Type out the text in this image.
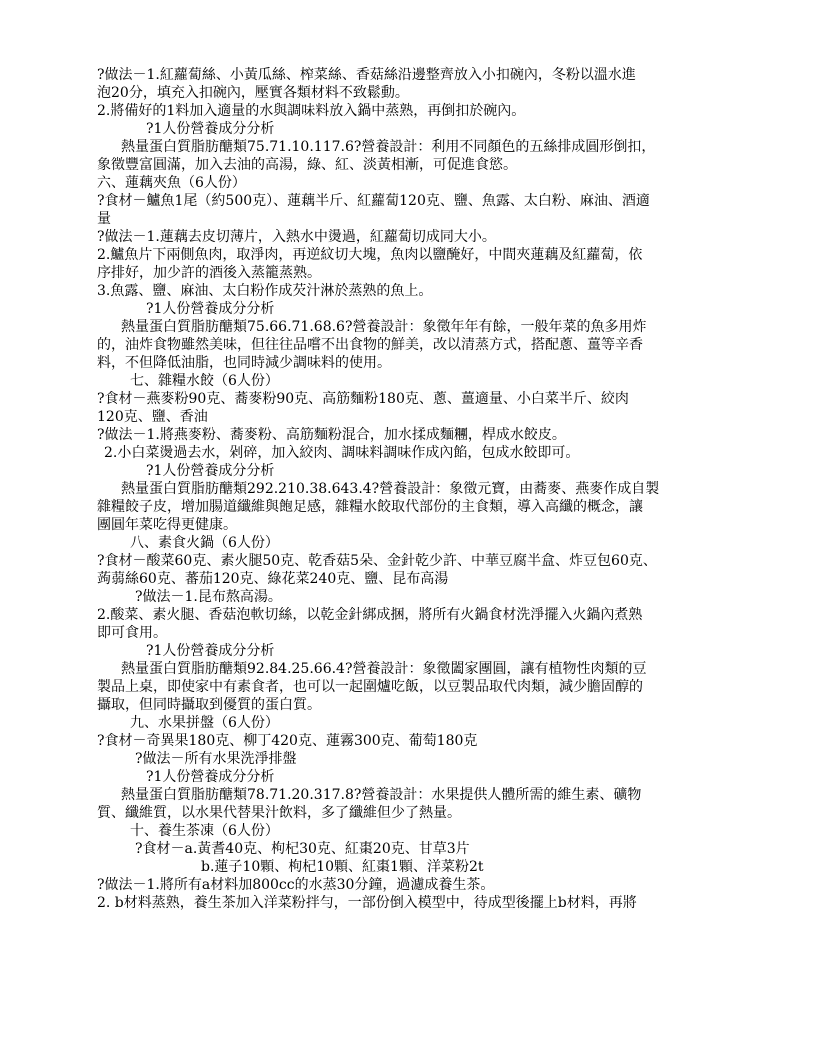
?做法－1.紅蘿蔔絲、小黃瓜絲、榨菜絲、香菇絲沿邊整齊放入小扣碗內，冬粉以溫水進
泡20分，填充入扣碗內，壓實各類材料不致鬆動。
2.將備好的1料加入適量的水與調味料放入鍋中蒸熟，再倒扣於碗內。
?1人份營養成分分析
熱量蛋白質脂肪醣類75.71.10.117.6?營養設計：利用不同顏色的五絲排成圓形倒扣，
象徵豐富圓滿，加入去油的高湯，綠、紅、淡黃相漸，可促進食慾。
六、蓮藕夾魚（6人份）
?食材－鱸魚1尾（約500克）、蓮藕半斤、紅蘿蔔120克、鹽、魚露、太白粉、麻油、酒適
量
?做法－1.蓮藕去皮切薄片，入熱水中燙過，紅蘿蔔切成同大小。
2.鱸魚片下兩側魚肉，取淨肉，再逆紋切大塊，魚肉以鹽醃好，中間夾蓮藕及紅蘿蔔，依
序排好，加少許的酒後入蒸籠蒸熟。
3.魚露、鹽、麻油、太白粉作成芡汁淋於蒸熟的魚上。
?1人份營養成分分析
熱量蛋白質脂肪醣類75.66.71.68.6?營養設計：象徵年年有餘，一般年菜的魚多用炸
的，油炸食物雖然美味，但往往品嚐不出食物的鮮美，改以清蒸方式，搭配蔥、薑等辛香
料，不但降低油脂，也同時減少調味料的使用。
七、雜糧水餃（6人份）
?食材－燕麥粉90克、蕎麥粉90克、高筋麵粉180克、蔥、薑適量、小白菜半斤、絞肉
120克、鹽、香油
?做法－1.將燕麥粉、蕎麥粉、高筋麵粉混合，加水揉成麵糰，桿成水餃皮。
2.小白菜燙過去水，剁碎，加入絞肉、調味料調味作成內餡，包成水餃即可。
?1人份營養成分分析
熱量蛋白質脂肪醣類292.210.38.643.4?營養設計：象徵元寶，由蕎麥、燕麥作成自製
雜糧餃子皮，增加腸道纖維與飽足感，雜糧水餃取代部份的主食類，導入高纖的概念，讓
團圓年菜吃得更健康。
八、素食火鍋（6人份）
?食材－酸菜60克、素火腿50克、乾香菇5朵、金針乾少許、中華豆腐半盒、炸豆包60克、
蒟蒻絲60克、蕃茄120克、綠花菜240克、鹽、昆布高湯
?做法－1.昆布熬高湯。
2.酸菜、素火腿、香菇泡軟切絲，以乾金針綁成捆，將所有火鍋食材洗淨擺入火鍋內煮熟
即可食用。
?1人份營養成分分析
熱量蛋白質脂肪醣類92.84.25.66.4?營養設計：象徵闔家團圓，讓有植物性肉類的豆
製品上桌，即使家中有素食者，也可以一起圍爐吃飯，以豆製品取代肉類，減少膽固醇的
攝取，但同時攝取到優質的蛋白質。
九、水果拼盤（6人份）
?食材－奇異果180克、柳丁420克、蓮霧300克、葡萄180克
?做法－所有水果洗淨排盤
?1人份營養成分分析
熱量蛋白質脂肪醣類78.71.20.317.8?營養設計：水果提供人體所需的維生素、礦物
質、纖維質，以水果代替果汁飲料，多了纖維但少了熱量。
十、養生茶凍（6人份）
?食材－a.黃耆40克、枸杞30克、紅棗20克、甘草3片
b.蓮子10顆、枸杞10顆、紅棗1顆、洋菜粉2t
?做法－1.將所有a材料加800cc的水蒸30分鐘，過濾成養生茶。
2. b材料蒸熟，養生茶加入洋菜粉拌勻，一部份倒入模型中，待成型後擺上b材料，再將
